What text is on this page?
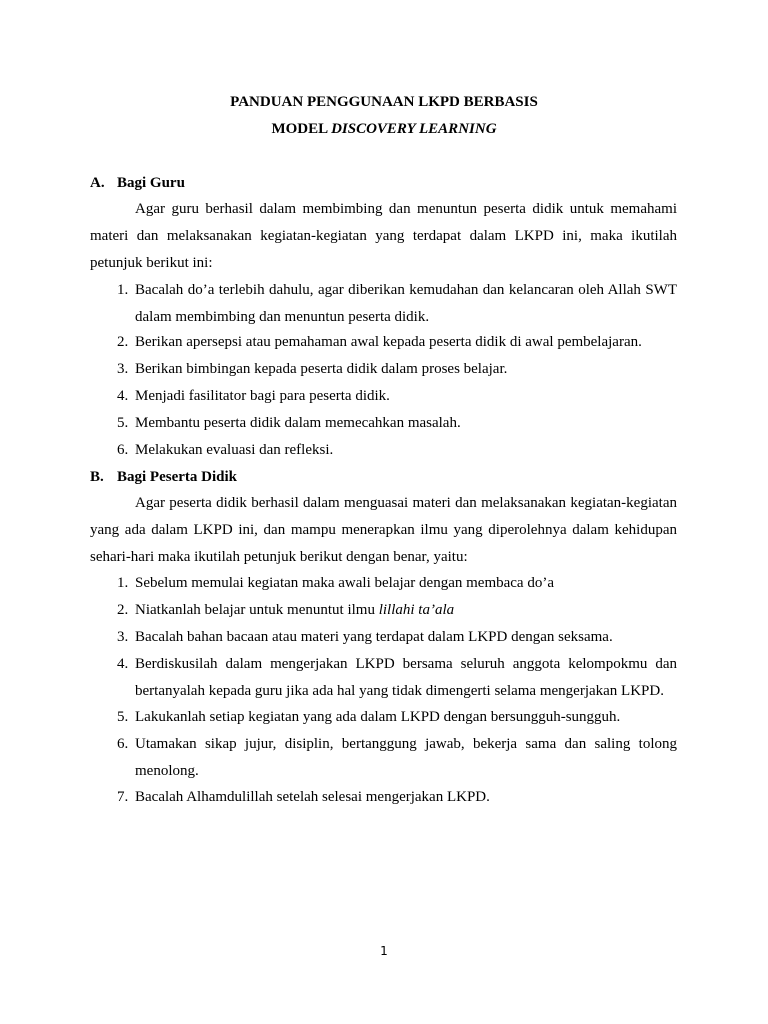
PANDUAN PENGGUNAAN LKPD BERBASIS
MODEL DISCOVERY LEARNING
A. Bagi Guru
Agar guru berhasil dalam membimbing dan menuntun peserta didik untuk memahami materi dan melaksanakan kegiatan-kegiatan yang terdapat dalam LKPD ini, maka ikutilah petunjuk berikut ini:
1. Bacalah do’a terlebih dahulu, agar diberikan kemudahan dan kelancaran oleh Allah SWT dalam membimbing dan menuntun peserta didik.
2. Berikan apersepsi atau pemahaman awal kepada peserta didik di awal pembelajaran.
3. Berikan bimbingan kepada peserta didik dalam proses belajar.
4. Menjadi fasilitator bagi para peserta didik.
5. Membantu peserta didik dalam memecahkan masalah.
6. Melakukan evaluasi dan refleksi.
B. Bagi Peserta Didik
Agar peserta didik berhasil dalam menguasai materi dan melaksanakan kegiatan-kegiatan yang ada dalam LKPD ini, dan mampu menerapkan ilmu yang diperolehnya dalam kehidupan sehari-hari maka ikutilah petunjuk berikut dengan benar, yaitu:
1. Sebelum memulai kegiatan maka awali belajar dengan membaca do’a
2. Niatkanlah belajar untuk menuntut ilmu lillahi ta’ala
3. Bacalah bahan bacaan atau materi yang terdapat dalam LKPD dengan seksama.
4. Berdiskusilah dalam mengerjakan LKPD bersama seluruh anggota kelompokmu dan bertanyalah kepada guru jika ada hal yang tidak dimengerti selama mengerjakan LKPD.
5. Lakukanlah setiap kegiatan yang ada dalam LKPD dengan bersungguh-sungguh.
6. Utamakan sikap jujur, disiplin, bertanggung jawab, bekerja sama dan saling tolong menolong.
7. Bacalah Alhamdulillah setelah selesai mengerjakan LKPD.
1
